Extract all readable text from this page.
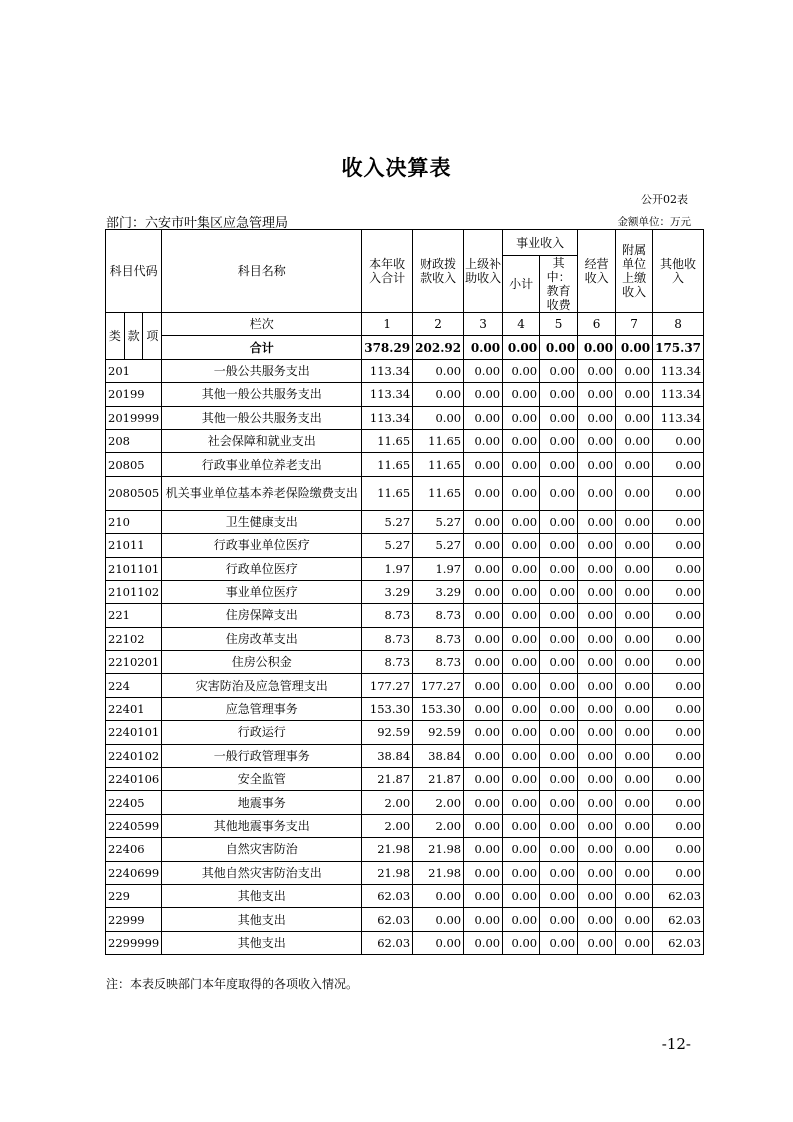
收入决算表
公开02表
部门：六安市叶集区应急管理局	金额单位：万元
科目代码			科目名称	本年收入合计	财政拨款收入	上级补助收入	事业收入		经营收入	附属单位上缴收入	其他收入
							小计	其中：教育收费			

类	款	项	栏次	1	2	3	4	5	6	7	8
			合计	378.29	202.92	0.00	0.00	0.00	0.00	0.00	175.37
201			一般公共服务支出	113.34	0.00	0.00	0.00	0.00	0.00	0.00	113.34
20199			其他一般公共服务支出	113.34	0.00	0.00	0.00	0.00	0.00	0.00	113.34
2019999			其他一般公共服务支出	113.34	0.00	0.00	0.00	0.00	0.00	0.00	113.34
208			社会保障和就业支出	11.65	11.65	0.00	0.00	0.00	0.00	0.00	0.00
20805			行政事业单位养老支出	11.65	11.65	0.00	0.00	0.00	0.00	0.00	0.00
2080505			机关事业单位基本养老保险缴费支出	11.65	11.65	0.00	0.00	0.00	0.00	0.00	0.00
210			卫生健康支出	5.27	5.27	0.00	0.00	0.00	0.00	0.00	0.00
21011			行政事业单位医疗	5.27	5.27	0.00	0.00	0.00	0.00	0.00	0.00
2101101			行政单位医疗	1.97	1.97	0.00	0.00	0.00	0.00	0.00	0.00
2101102			事业单位医疗	3.29	3.29	0.00	0.00	0.00	0.00	0.00	0.00
221			住房保障支出	8.73	8.73	0.00	0.00	0.00	0.00	0.00	0.00
22102			住房改革支出	8.73	8.73	0.00	0.00	0.00	0.00	0.00	0.00
2210201			住房公积金	8.73	8.73	0.00	0.00	0.00	0.00	0.00	0.00
224			灾害防治及应急管理支出	177.27	177.27	0.00	0.00	0.00	0.00	0.00	0.00
22401			应急管理事务	153.30	153.30	0.00	0.00	0.00	0.00	0.00	0.00
2240101			行政运行	92.59	92.59	0.00	0.00	0.00	0.00	0.00	0.00
2240102			一般行政管理事务	38.84	38.84	0.00	0.00	0.00	0.00	0.00	0.00
2240106			安全监管	21.87	21.87	0.00	0.00	0.00	0.00	0.00	0.00
22405			地震事务	2.00	2.00	0.00	0.00	0.00	0.00	0.00	0.00
2240599			其他地震事务支出	2.00	2.00	0.00	0.00	0.00	0.00	0.00	0.00
22406			自然灾害防治	21.98	21.98	0.00	0.00	0.00	0.00	0.00	0.00
2240699			其他自然灾害防治支出	21.98	21.98	0.00	0.00	0.00	0.00	0.00	0.00
229			其他支出	62.03	0.00	0.00	0.00	0.00	0.00	0.00	62.03
22999			其他支出	62.03	0.00	0.00	0.00	0.00	0.00	0.00	62.03
2299999			其他支出	62.03	0.00	0.00	0.00	0.00	0.00	0.00	62.03
注：本表反映部门本年度取得的各项收入情况。
-12-
